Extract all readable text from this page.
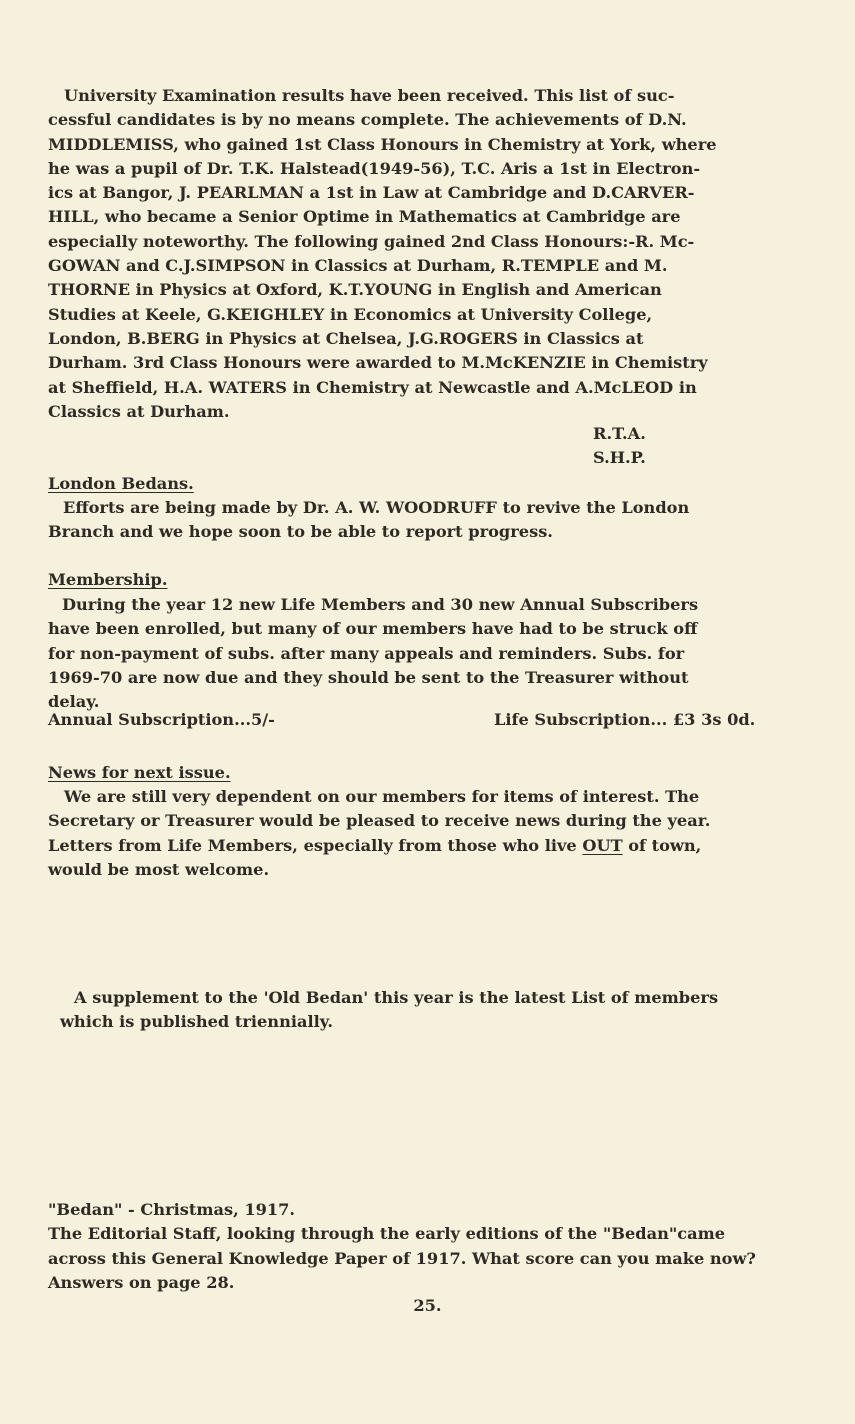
University Examination results have been received. This list of suc-
cessful candidates is by no means complete. The achievements of D.N.
MIDDLEMISS, who gained 1st Class Honours in Chemistry at York, where
he was a pupil of Dr. T.K. Halstead(1949-56), T.C. Aris a 1st in Electron-
ics at Bangor, J. PEARLMAN a 1st in Law at Cambridge and D.CARVER-
HILL, who became a Senior Optime in Mathematics at Cambridge are
especially noteworthy. The following gained 2nd Class Honours:-R. Mc-
GOWAN and C.J.SIMPSON in Classics at Durham, R.TEMPLE and M.
THORNE in Physics at Oxford, K.T.YOUNG in English and American
Studies at Keele, G.KEIGHLEY in Economics at University College,
London, B.BERG in Physics at Chelsea, J.G.ROGERS in Classics at
Durham. 3rd Class Honours were awarded to M.McKENZIE in Chemistry
at Sheffield, H.A. WATERS in Chemistry at Newcastle and A.McLEOD in
Classics at Durham.
R.T.A.
S.H.P.
London Bedans.
Efforts are being made by Dr. A. W. WOODRUFF to revive the London
Branch and we hope soon to be able to report progress.
Membership.
During the year 12 new Life Members and 30 new Annual Subscribers
have been enrolled, but many of our members have had to be struck off
for non-payment of subs. after many appeals and reminders. Subs. for
1969-70 are now due and they should be sent to the Treasurer without
delay.
Annual Subscription...5/-	Life Subscription... £3 3s 0d.
News for next issue.
We are still very dependent on our members for items of interest. The
Secretary or Treasurer would be pleased to receive news during the year.
Letters from Life Members, especially from those who live OUT of town,
would be most welcome.
A supplement to the 'Old Bedan' this year is the latest List of members
which is published triennially.
"Bedan" - Christmas, 1917.
The Editorial Staff, looking through the early editions of the "Bedan"came
across this General Knowledge Paper of 1917. What score can you make now?
Answers on page 28.
25.
